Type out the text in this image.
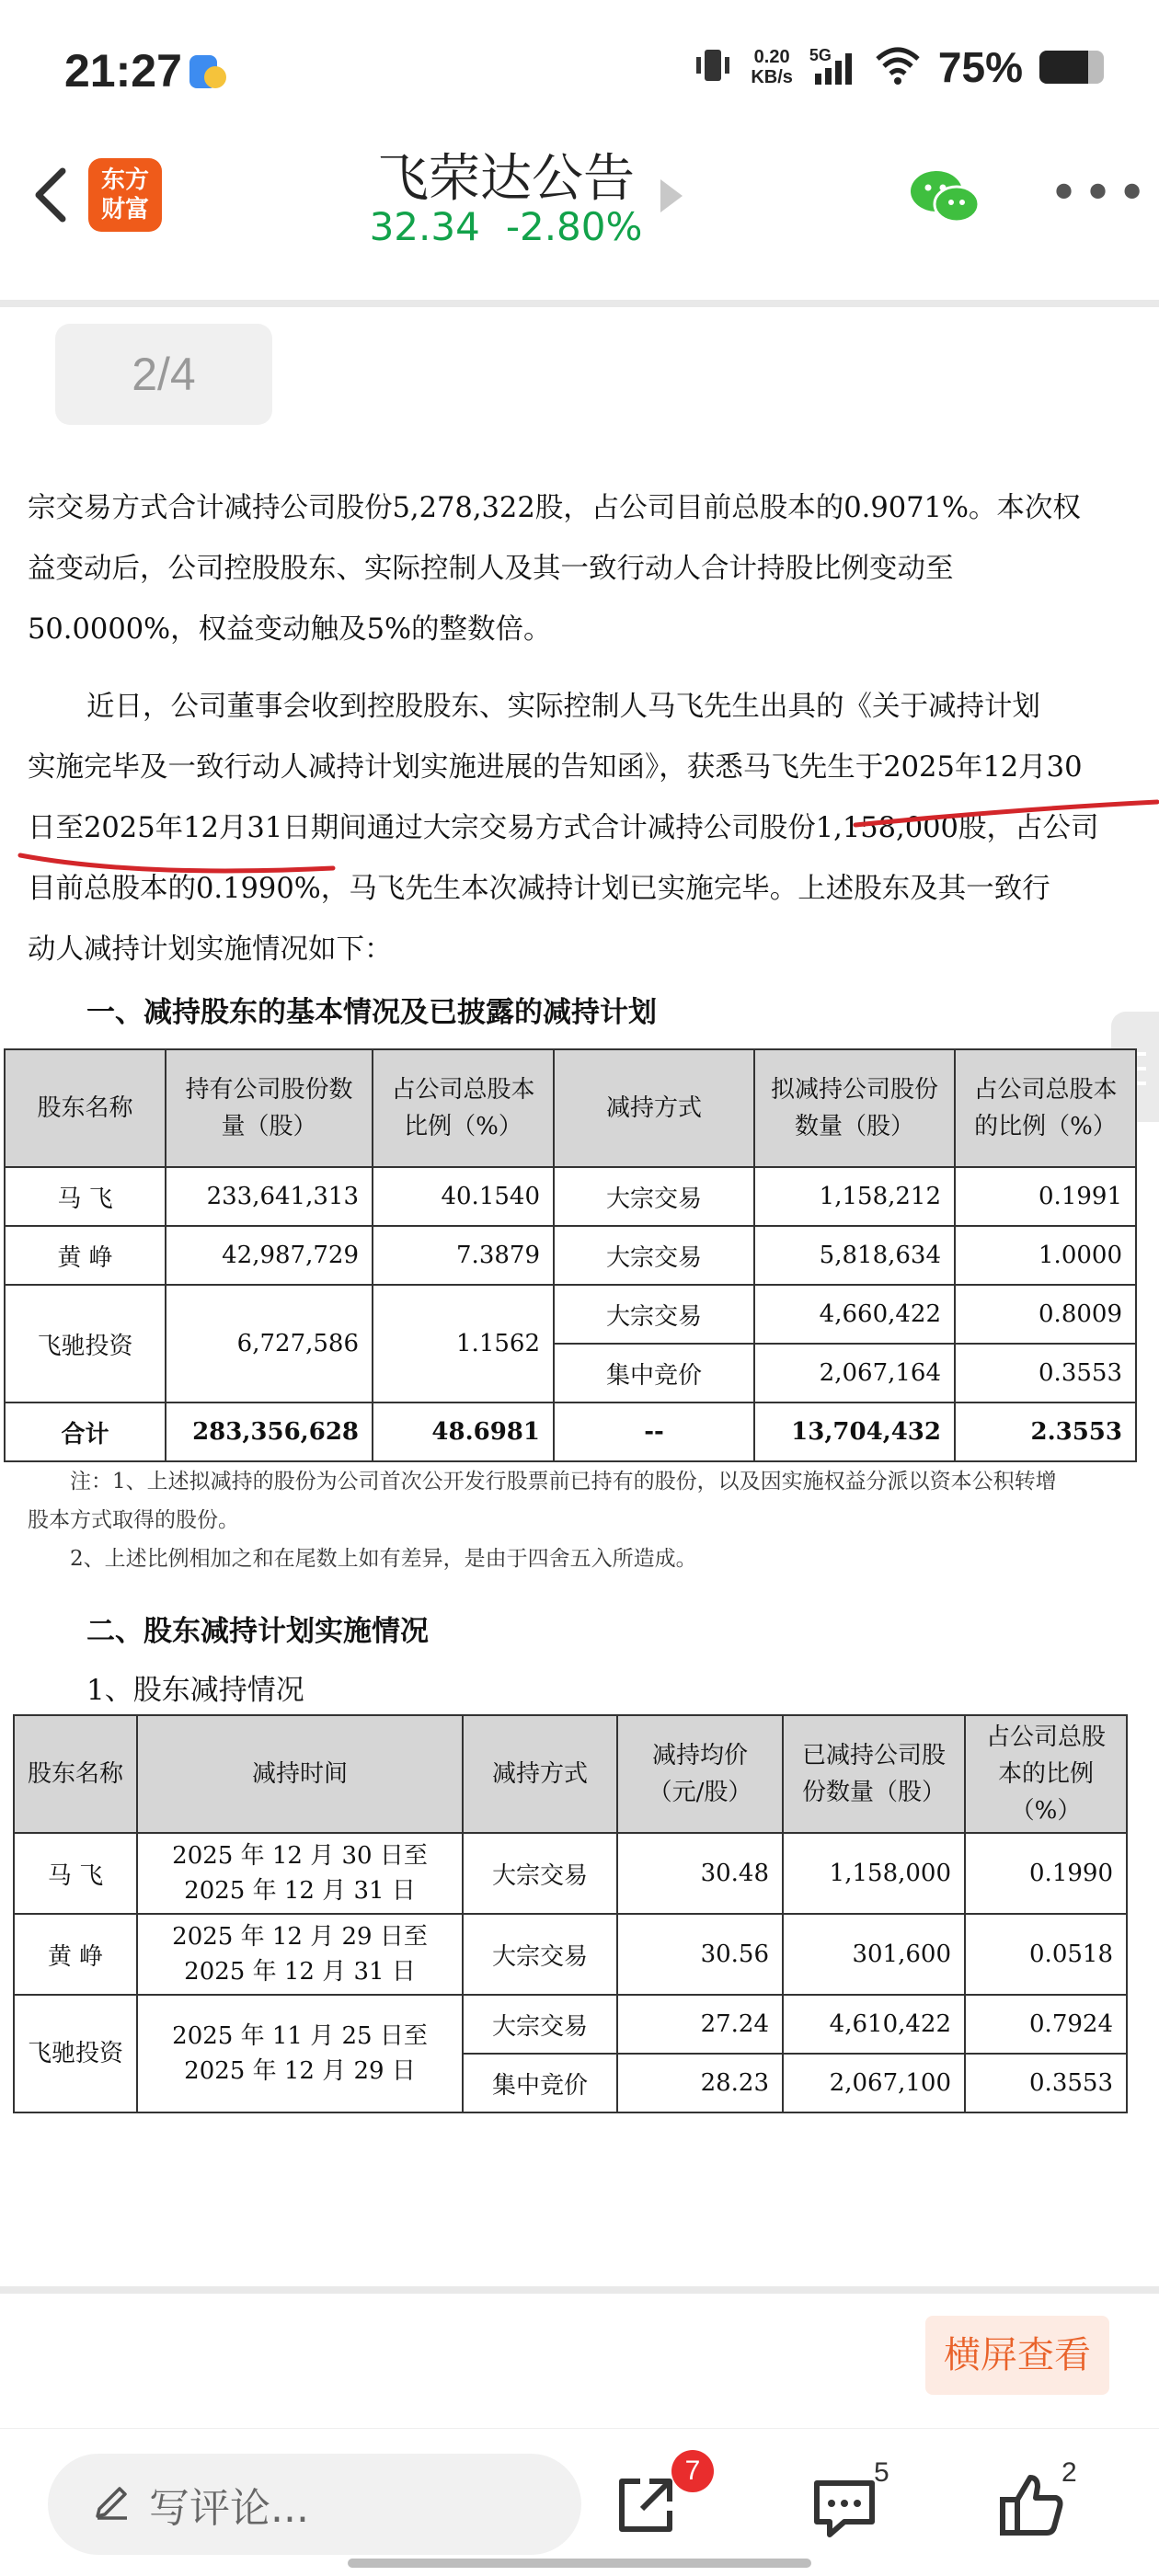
21:27	0.20
KB/s
5G	75%
东方
财富
飞荣达公告
32.34 -2.80%
•••
2/4
宗交易方式合计减持公司股份5,278,322股，占公司目前总股本的0.9071%。本次权
益变动后，公司控股股东、实际控制人及其一致行动人合计持股比例变动至
50.0000%，权益变动触及5%的整数倍。
近日，公司董事会收到控股股东、实际控制人马飞先生出具的《关于减持计划
实施完毕及一致行动人减持计划实施进展的告知函》，获悉马飞先生于2025年12月30
日至2025年12月31日期间通过大宗交易方式合计减持公司股份1,158,000股，占公司
目前总股本的0.1990%，马飞先生本次减持计划已实施完毕。上述股东及其一致行
动人减持计划实施情况如下：
一、减持股东的基本情况及已披露的减持计划
股东名称	持有公司股份数量（股）	占公司总股本比例（%）	减持方式	拟减持公司股份数量（股）	占公司总股本的比例（%）
马 飞	233,641,313	40.1540	大宗交易	1,158,212	0.1991
黄 峥	42,987,729	7.3879	大宗交易	5,818,634	1.0000
飞驰投资	6,727,586	1.1562	大宗交易	4,660,422	0.8009
			集中竞价	2,067,164	0.3553
合计	283,356,628	48.6981	--	13,704,432	2.3553
注：1、上述拟减持的股份为公司首次公开发行股票前已持有的股份，以及因实施权益分派以资本公积转增
股本方式取得的股份。
2、上述比例相加之和在尾数上如有差异，是由于四舍五入所造成。
二、股东减持计划实施情况
1、股东减持情况
股东名称	减持时间	减持方式	减持均价（元/股）	已减持公司股份数量（股）	占公司总股本的比例（%）
马 飞	2025 年 12 月 30 日至 2025 年 12 月 31 日	大宗交易	30.48	1,158,000	0.1990
黄 峥	2025 年 12 月 29 日至 2025 年 12 月 31 日	大宗交易	30.56	301,600	0.0518
飞驰投资	2025 年 11 月 25 日至 2025 年 12 月 29 日	大宗交易	27.24	4,610,422	0.7924
		集中竞价	28.23	2,067,100	0.3553
横屏查看
写评论...
7	5	2
